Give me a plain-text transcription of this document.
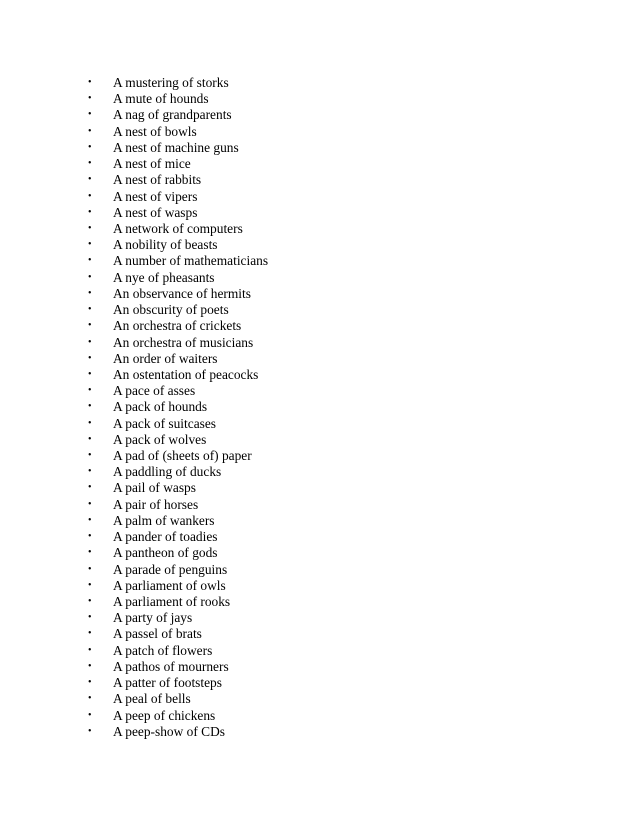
• A mustering of storks
• A mute of hounds
• A nag of grandparents
• A nest of bowls
• A nest of machine guns
• A nest of mice
• A nest of rabbits
• A nest of vipers
• A nest of wasps
• A network of computers
• A nobility of beasts
• A number of mathematicians
• A nye of pheasants
• An observance of hermits
• An obscurity of poets
• An orchestra of crickets
• An orchestra of musicians
• An order of waiters
• An ostentation of peacocks
• A pace of asses
• A pack of hounds
• A pack of suitcases
• A pack of wolves
• A pad of (sheets of) paper
• A paddling of ducks
• A pail of wasps
• A pair of horses
• A palm of wankers
• A pander of toadies
• A pantheon of gods
• A parade of penguins
• A parliament of owls
• A parliament of rooks
• A party of jays
• A passel of brats
• A patch of flowers
• A pathos of mourners
• A patter of footsteps
• A peal of bells
• A peep of chickens
• A peep-show of CDs
